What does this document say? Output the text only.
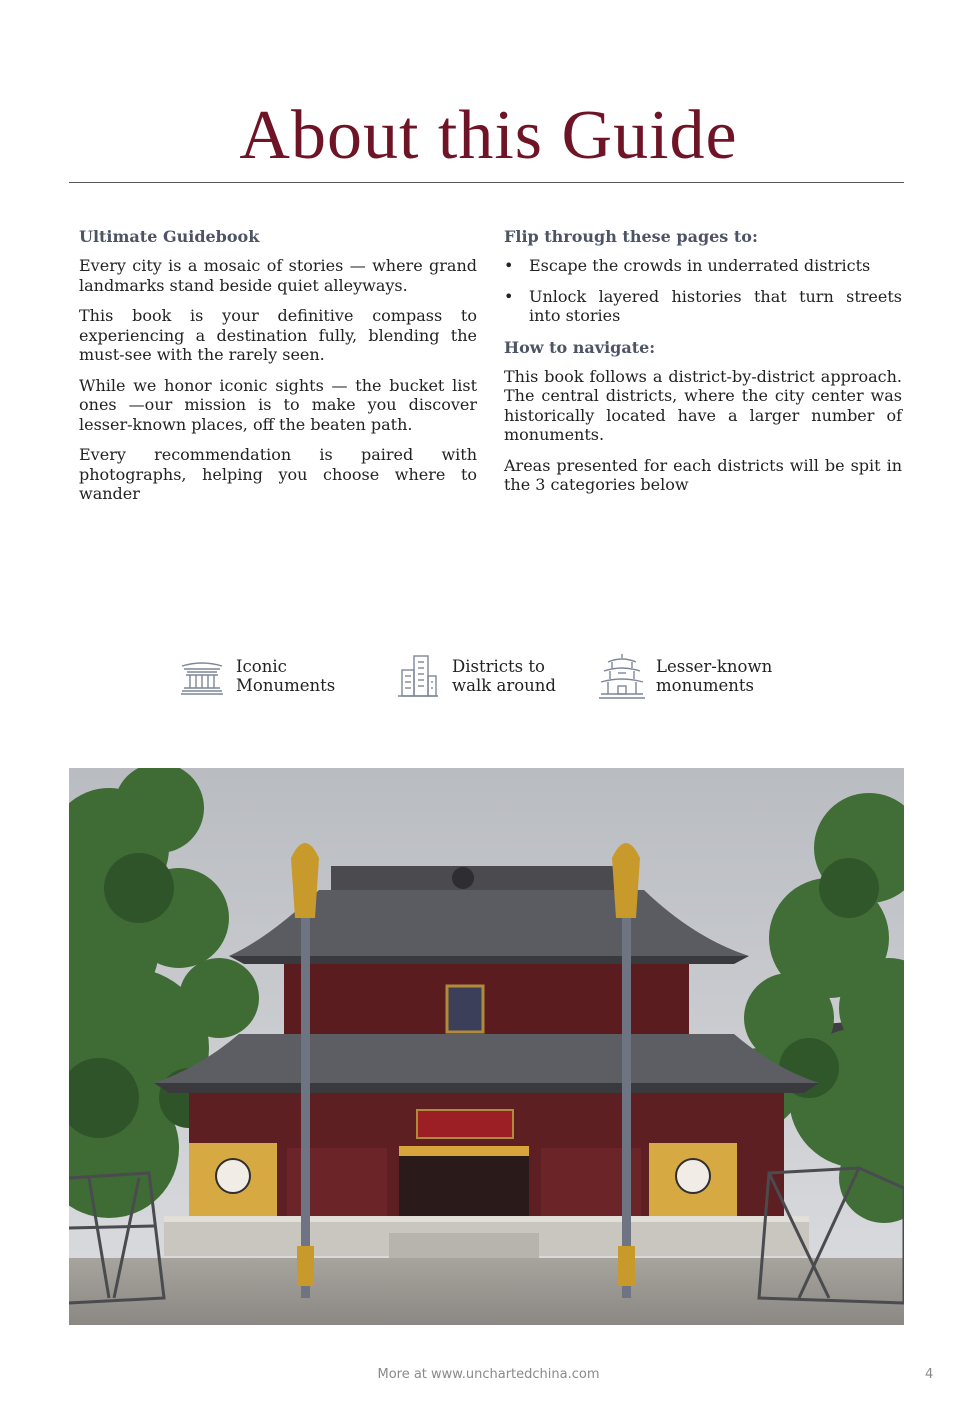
About this Guide
Ultimate Guidebook

Every city is a mosaic of stories — where grand landmarks stand beside quiet alleyways.

This book is your definitive compass to experiencing a destination fully, blending the must-see with the rarely seen.

While we honor iconic sights — the bucket list ones —our mission is to make you discover lesser-known places, off the beaten path.

Every recommendation is paired with photographs, helping you choose where to wander

Flip through these pages to:
• Escape the crowds in underrated districts
• Unlock layered histories that turn streets into stories
How to navigate:

This book follows a district-by-district approach. The central districts, where the city center was historically located have a larger number of monuments.

Areas presented for each districts will be spit in the 3 categories below

Iconic
Monuments
Districts to
walk around
Lesser-known
monuments
More at www.unchartedchina.com	4
